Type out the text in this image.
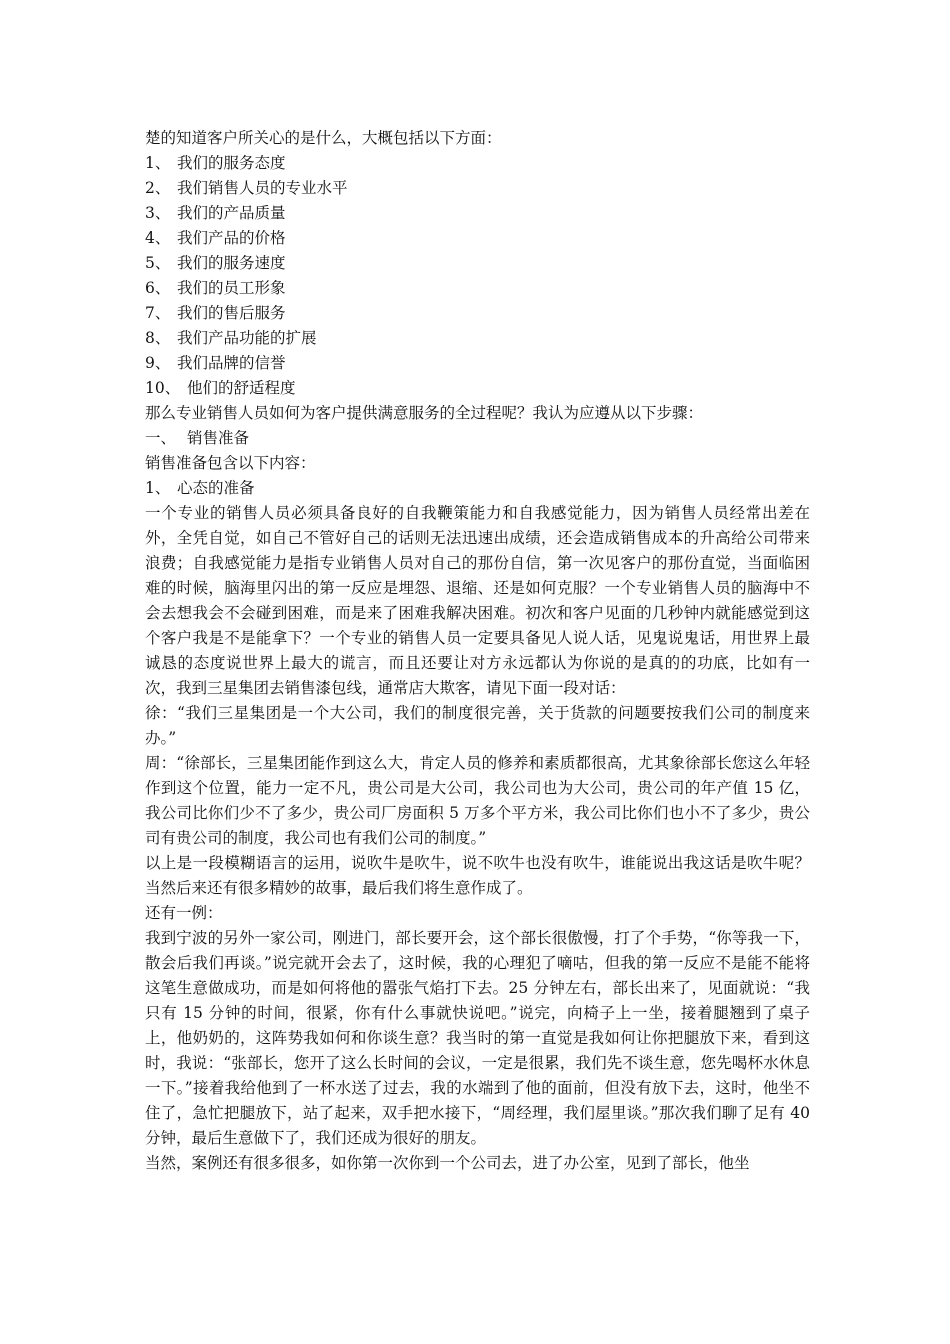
楚的知道客户所关心的是什么，大概包括以下方面：
1、 我们的服务态度
2、 我们销售人员的专业水平
3、 我们的产品质量
4、 我们产品的价格
5、 我们的服务速度
6、 我们的员工形象
7、 我们的售后服务
8、 我们产品功能的扩展
9、 我们品牌的信誉
10、 他们的舒适程度
那么专业销售人员如何为客户提供满意服务的全过程呢？我认为应遵从以下步骤：
一、 销售准备
销售准备包含以下内容：
1、 心态的准备

一个专业的销售人员必须具备良好的自我鞭策能力和自我感觉能力，因为销售人员经常出差在外，全凭自觉，如自己不管好自己的话则无法迅速出成绩，还会造成销售成本的升高给公司带来浪费；自我感觉能力是指专业销售人员对自己的那份自信，第一次见客户的那份直觉，当面临困难的时候，脑海里闪出的第一反应是埋怨、退缩、还是如何克服？一个专业销售人员的脑海中不会去想我会不会碰到困难，而是来了困难我解决困难。初次和客户见面的几秒钟内就能感觉到这个客户我是不是能拿下？一个专业的销售人员一定要具备见人说人话，见鬼说鬼话，用世界上最诚恳的态度说世界上最大的谎言，而且还要让对方永远都认为你说的是真的的功底，比如有一次，我到三星集团去销售漆包线，通常店大欺客，请见下面一段对话：

徐：“我们三星集团是一个大公司，我们的制度很完善，关于货款的问题要按我们公司的制度来办。”

周：“徐部长，三星集团能作到这么大，肯定人员的修养和素质都很高，尤其象徐部长您这么年轻作到这个位置，能力一定不凡，贵公司是大公司，我公司也为大公司，贵公司的年产值 15 亿，我公司比你们少不了多少，贵公司厂房面积 5 万多个平方米，我公司比你们也小不了多少，贵公司有贵公司的制度，我公司也有我们公司的制度。”

以上是一段模糊语言的运用，说吹牛是吹牛，说不吹牛也没有吹牛，谁能说出我这话是吹牛呢？当然后来还有很多精妙的故事，最后我们将生意作成了。

还有一例：

我到宁波的另外一家公司，刚进门，部长要开会，这个部长很傲慢，打了个手势，“你等我一下，散会后我们再谈。”说完就开会去了，这时候，我的心理犯了嘀咕，但我的第一反应不是能不能将这笔生意做成功，而是如何将他的嚣张气焰打下去。25 分钟左右，部长出来了，见面就说：“我只有 15 分钟的时间，很紧，你有什么事就快说吧。”说完，向椅子上一坐，接着腿翘到了桌子上，他奶奶的，这阵势我如何和你谈生意？我当时的第一直觉是我如何让你把腿放下来，看到这时，我说：“张部长，您开了这么长时间的会议，一定是很累，我们先不谈生意，您先喝杯水休息一下。”接着我给他到了一杯水送了过去，我的水端到了他的面前，但没有放下去，这时，他坐不住了，急忙把腿放下，站了起来，双手把水接下，“周经理，我们屋里谈。”那次我们聊了足有 40 分钟，最后生意做下了，我们还成为很好的朋友。

当然，案例还有很多很多，如你第一次你到一个公司去，进了办公室，见到了部长，他坐
